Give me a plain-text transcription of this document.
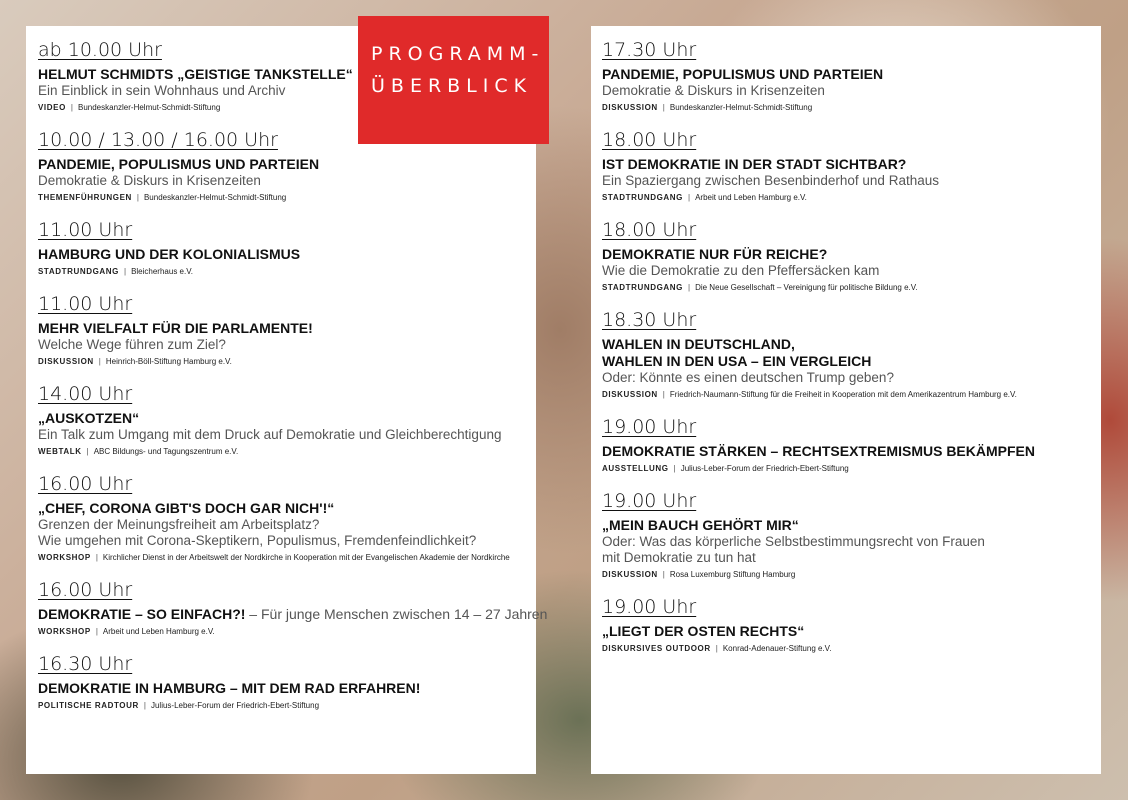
ab 10.00 Uhr
HELMUT SCHMIDTS „GEISTIGE TANKSTELLE“
Ein Einblick in sein Wohnhaus und Archiv
VIDEO | Bundeskanzler-Helmut-Schmidt-Stiftung
10.00 / 13.00 / 16.00 Uhr
PANDEMIE, POPULISMUS UND PARTEIEN
Demokratie & Diskurs in Krisenzeiten
THEMENFÜHRUNGEN | Bundeskanzler-Helmut-Schmidt-Stiftung
11.00 Uhr
HAMBURG UND DER KOLONIALISMUS
STADTRUNDGANG | Bleicherhaus e.V.
11.00 Uhr
MEHR VIELFALT FÜR DIE PARLAMENTE!
Welche Wege führen zum Ziel?
DISKUSSION | Heinrich-Böll-Stiftung Hamburg e.V.
14.00 Uhr
„AUSKOTZEN“
Ein Talk zum Umgang mit dem Druck auf Demokratie und Gleichberechtigung
WEBTALK | ABC Bildungs- und Tagungszentrum e.V.
16.00 Uhr
„CHEF, CORONA GIBT'S DOCH GAR NICH'!“
Grenzen der Meinungsfreiheit am Arbeitsplatz?
Wie umgehen mit Corona-Skeptikern, Populismus, Fremdenfeindlichkeit?
WORKSHOP | Kirchlicher Dienst in der Arbeitswelt der Nordkirche in Kooperation mit der Evangelischen Akademie der Nordkirche
16.00 Uhr
DEMOKRATIE – SO EINFACH?! – Für junge Menschen zwischen 14 – 27 Jahren
WORKSHOP | Arbeit und Leben Hamburg e.V.
16.30 Uhr
DEMOKRATIE IN HAMBURG – MIT DEM RAD ERFAHREN!
POLITISCHE RADTOUR | Julius-Leber-Forum der Friedrich-Ebert-Stiftung
17.30 Uhr
PANDEMIE, POPULISMUS UND PARTEIEN
Demokratie & Diskurs in Krisenzeiten
DISKUSSION | Bundeskanzler-Helmut-Schmidt-Stiftung
18.00 Uhr
IST DEMOKRATIE IN DER STADT SICHTBAR?
Ein Spaziergang zwischen Besenbinderhof und Rathaus
STADTRUNDGANG | Arbeit und Leben Hamburg e.V.
18.00 Uhr
DEMOKRATIE NUR FÜR REICHE?
Wie die Demokratie zu den Pfeffersäcken kam
STADTRUNDGANG | Die Neue Gesellschaft – Vereinigung für politische Bildung e.V.
18.30 Uhr
WAHLEN IN DEUTSCHLAND,
WAHLEN IN DEN USA – EIN VERGLEICH
Oder: Könnte es einen deutschen Trump geben?
DISKUSSION | Friedrich-Naumann-Stiftung für die Freiheit in Kooperation mit dem Amerikazentrum Hamburg e.V.
19.00 Uhr
DEMOKRATIE STÄRKEN – RECHTSEXTREMISMUS BEKÄMPFEN
AUSSTELLUNG | Julius-Leber-Forum der Friedrich-Ebert-Stiftung
19.00 Uhr
„MEIN BAUCH GEHÖRT MIR“
Oder: Was das körperliche Selbstbestimmungsrecht von Frauen
mit Demokratie zu tun hat
DISKUSSION | Rosa Luxemburg Stiftung Hamburg
19.00 Uhr
„LIEGT DER OSTEN RECHTS“
DISKURSIVES OUTDOOR | Konrad-Adenauer-Stiftung e.V.
PROGRAMM-
ÜBERBLICK
